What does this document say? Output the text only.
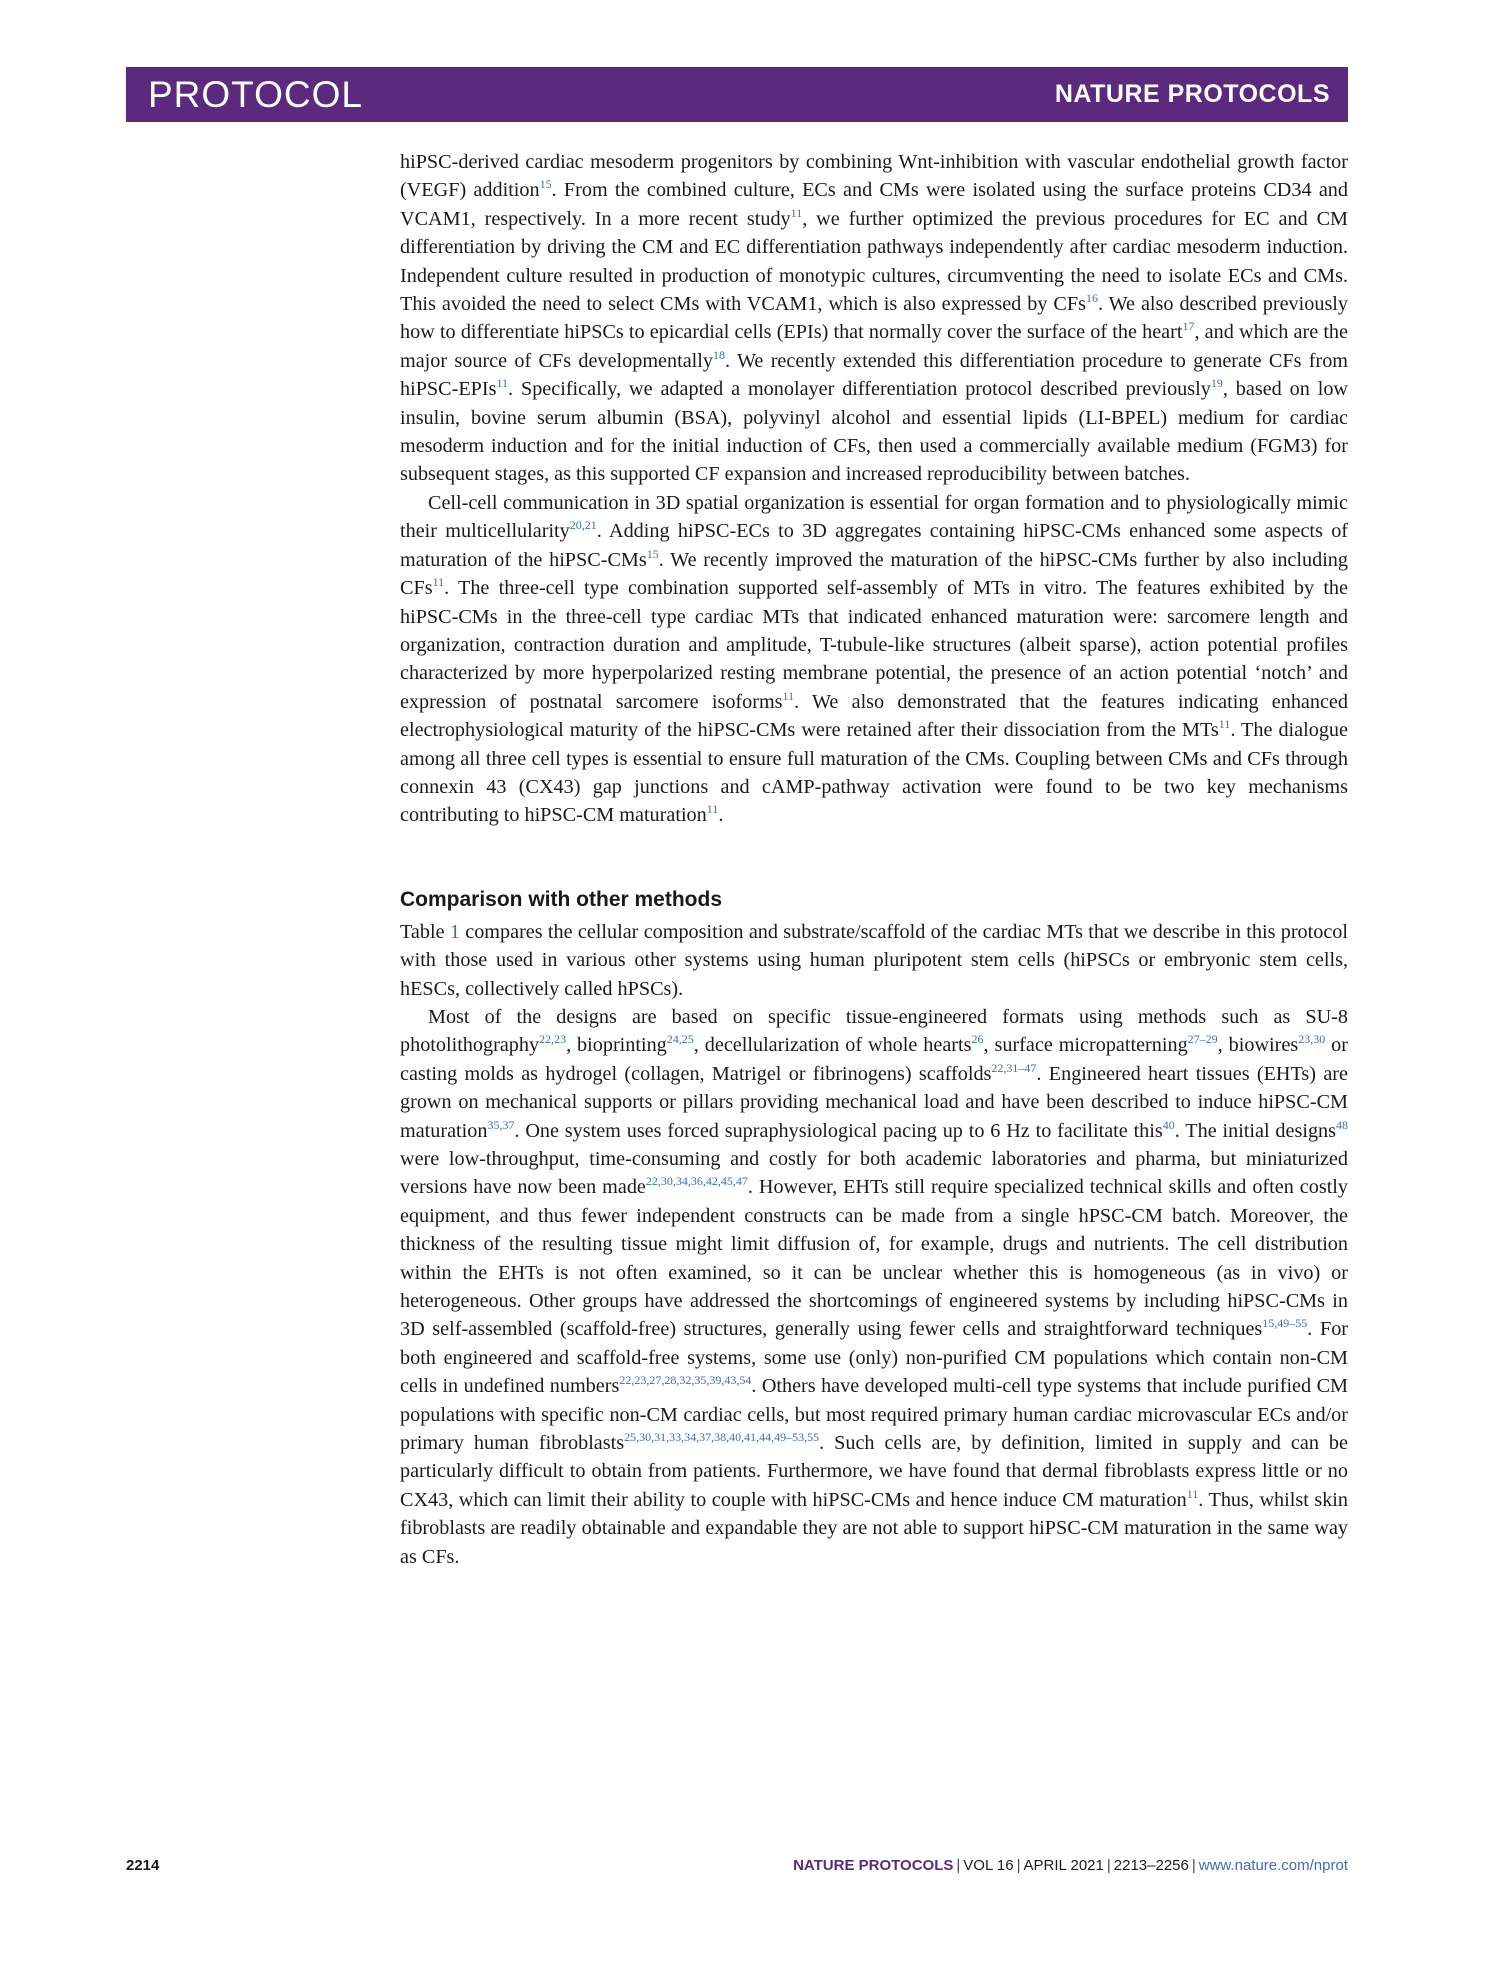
PROTOCOL	NATURE PROTOCOLS

hiPSC-derived cardiac mesoderm progenitors by combining Wnt-inhibition with vascular endothelial growth factor (VEGF) addition$^{15}$. From the combined culture, ECs and CMs were isolated using the surface proteins CD34 and VCAM1, respectively. In a more recent study$^{11}$, we further optimized the previous procedures for EC and CM differentiation by driving the CM and EC differentiation pathways independently after cardiac mesoderm induction. Independent culture resulted in production of monotypic cultures, circumventing the need to isolate ECs and CMs. This avoided the need to select CMs with VCAM1, which is also expressed by CFs$^{16}$. We also described previously how to differentiate hiPSCs to epicardial cells (EPIs) that normally cover the surface of the heart$^{17}$, and which are the major source of CFs developmentally$^{18}$. We recently extended this differentiation procedure to generate CFs from hiPSC-EPIs$^{11}$. Specifically, we adapted a monolayer differentiation protocol described previously$^{19}$, based on low insulin, bovine serum albumin (BSA), polyvinyl alcohol and essential lipids (LI-BPEL) medium for cardiac mesoderm induction and for the initial induction of CFs, then used a commercially available medium (FGM3) for subsequent stages, as this supported CF expansion and increased reproducibility between batches.

Cell-cell communication in 3D spatial organization is essential for organ formation and to physiologically mimic their multicellularity$^{20,21}$. Adding hiPSC-ECs to 3D aggregates containing hiPSC-CMs enhanced some aspects of maturation of the hiPSC-CMs$^{15}$. We recently improved the maturation of the hiPSC-CMs further by also including CFs$^{11}$. The three-cell type combination supported self-assembly of MTs in vitro. The features exhibited by the hiPSC-CMs in the three-cell type cardiac MTs that indicated enhanced maturation were: sarcomere length and organization, contraction duration and amplitude, T-tubule-like structures (albeit sparse), action potential profiles characterized by more hyperpolarized resting membrane potential, the presence of an action potential ‘notch’ and expression of postnatal sarcomere isoforms$^{11}$. We also demonstrated that the features indicating enhanced electrophysiological maturity of the hiPSC-CMs were retained after their dissociation from the MTs$^{11}$. The dialogue among all three cell types is essential to ensure full maturation of the CMs. Coupling between CMs and CFs through connexin 43 (CX43) gap junctions and cAMP-pathway activation were found to be two key mechanisms contributing to hiPSC-CM maturation$^{11}$.

Comparison with other methods

Table 1 compares the cellular composition and substrate/scaffold of the cardiac MTs that we describe in this protocol with those used in various other systems using human pluripotent stem cells (hiPSCs or embryonic stem cells, hESCs, collectively called hPSCs).

Most of the designs are based on specific tissue-engineered formats using methods such as SU-8 photolithography$^{22,23}$, bioprinting$^{24,25}$, decellularization of whole hearts$^{26}$, surface micropatterning$^{27-29}$, biowires$^{23,30}$ or casting molds as hydrogel (collagen, Matrigel or fibrinogens) scaffolds$^{22,31-47}$. Engineered heart tissues (EHTs) are grown on mechanical supports or pillars providing mechanical load and have been described to induce hiPSC-CM maturation$^{35,37}$. One system uses forced supraphysiological pacing up to 6 Hz to facilitate this$^{40}$. The initial designs$^{48}$ were low-throughput, time-consuming and costly for both academic laboratories and pharma, but miniaturized versions have now been made$^{22,30,34,36,42,45,47}$. However, EHTs still require specialized technical skills and often costly equipment, and thus fewer independent constructs can be made from a single hPSC-CM batch. Moreover, the thickness of the resulting tissue might limit diffusion of, for example, drugs and nutrients. The cell distribution within the EHTs is not often examined, so it can be unclear whether this is homogeneous (as in vivo) or heterogeneous. Other groups have addressed the shortcomings of engineered systems by including hiPSC-CMs in 3D self-assembled (scaffold-free) structures, generally using fewer cells and straightforward techniques$^{15,49-55}$. For both engineered and scaffold-free systems, some use (only) non-purified CM populations which contain non-CM cells in undefined numbers$^{22,23,27,28,32,35,39,43,54}$. Others have developed multi-cell type systems that include purified CM populations with specific non-CM cardiac cells, but most required primary human cardiac microvascular ECs and/or primary human fibroblasts$^{25,30,31,33,34,37,38,40,41,44,49-53,55}$. Such cells are, by definition, limited in supply and can be particularly difficult to obtain from patients. Furthermore, we have found that dermal fibroblasts express little or no CX43, which can limit their ability to couple with hiPSC-CMs and hence induce CM maturation$^{11}$. Thus, whilst skin fibroblasts are readily obtainable and expandable they are not able to support hiPSC-CM maturation in the same way as CFs.

2214	NATURE PROTOCOLS | VOL 16 | APRIL 2021 | 2213–2256 | www.nature.com/nprot
